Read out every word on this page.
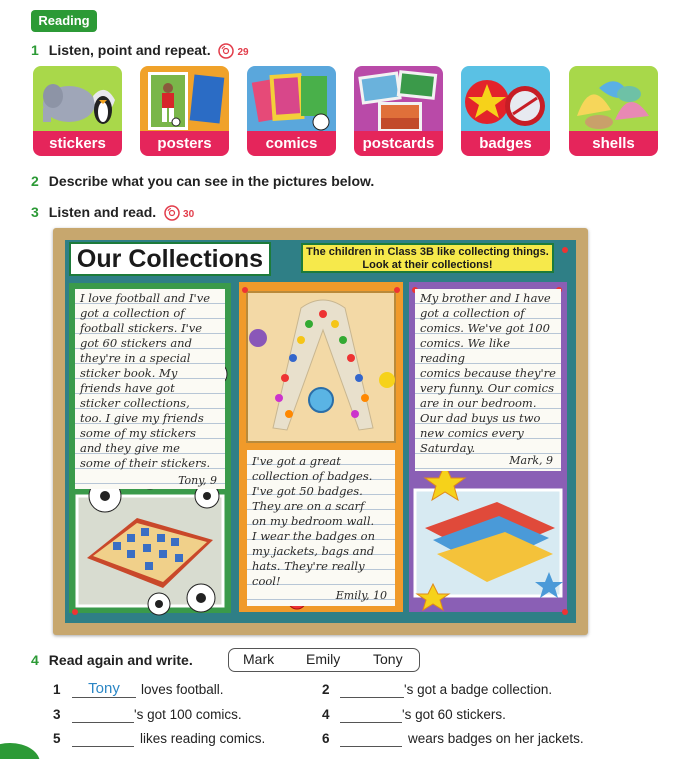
Reading
1 Listen, point and repeat.	29
stickers	posters	comics	postcards	badges	shells
2 Describe what you can see in the pictures below.
3 Listen and read.	30
Our Collections	The children in Class 3B like collecting things.
Look at their collections!

I love football and I've

got a collection of

football stickers. I've

got 60 stickers and

they're in a special

sticker book. My

friends have got

sticker collections,

too. I give my friends

some of my stickers

and they give me

some of their stickers.

Tony, 9

I've got a great

collection of badges.

I've got 50 badges.

They are on a scarf

on my bedroom wall.

I wear the badges on

my jackets, bags and

hats. They're really

cool!

Emily, 10

My brother and I have

got a collection of

comics. We've got 100

comics. We like reading

comics because they're

very funny. Our comics

are in our bedroom.

Our dad buys us two

new comics every

Saturday.

Mark, 9
4 Read again and write.	Mark Emily Tony
1	Tony	loves football.	2	's got a badge collection.
3	's got 100 comics.	4	's got 60 stickers.
5	likes reading comics.	6	wears badges on her jackets.
